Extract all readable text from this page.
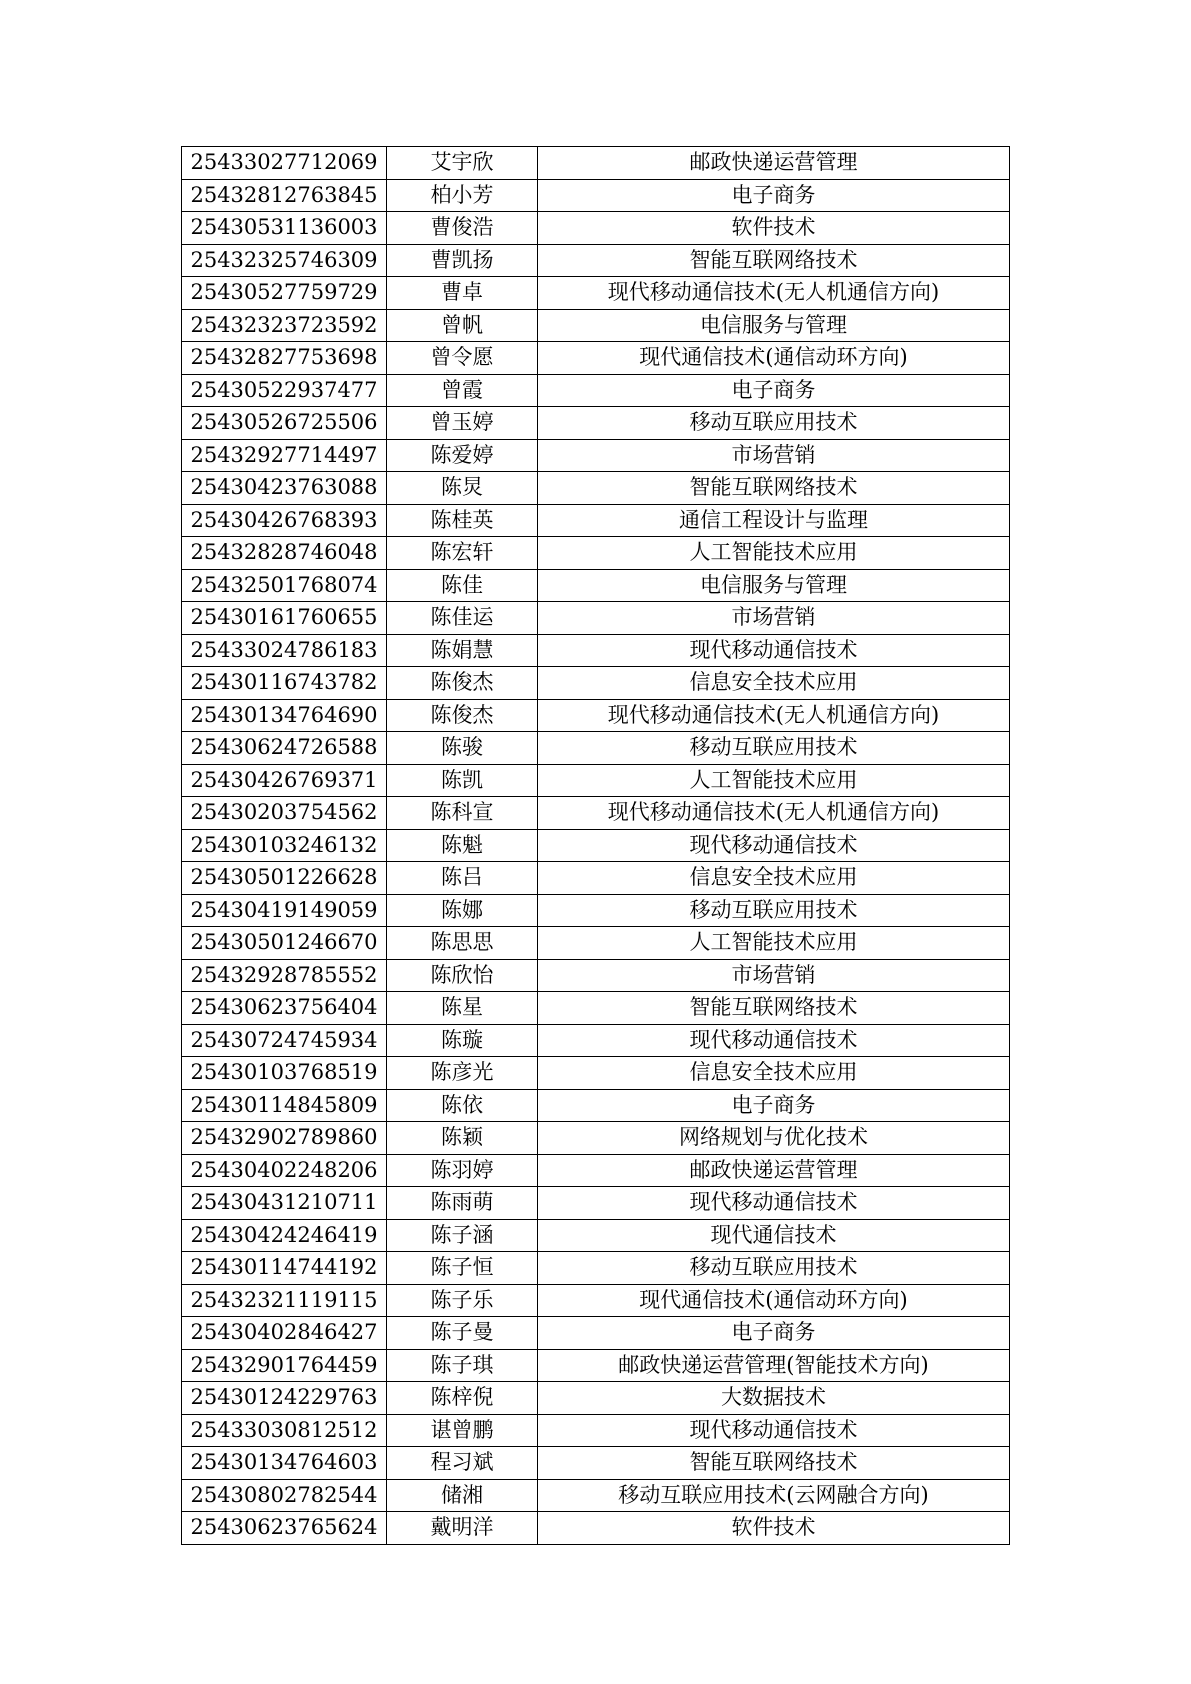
25433027712069	艾宇欣	邮政快递运营管理
25432812763845	柏小芳	电子商务
25430531136003	曹俊浩	软件技术
25432325746309	曹凯扬	智能互联网络技术
25430527759729	曹卓	现代移动通信技术(无人机通信方向)
25432323723592	曾帆	电信服务与管理
25432827753698	曾令愿	现代通信技术(通信动环方向)
25430522937477	曾霞	电子商务
25430526725506	曾玉婷	移动互联应用技术
25432927714497	陈爱婷	市场营销
25430423763088	陈炅	智能互联网络技术
25430426768393	陈桂英	通信工程设计与监理
25432828746048	陈宏轩	人工智能技术应用
25432501768074	陈佳	电信服务与管理
25430161760655	陈佳运	市场营销
25433024786183	陈娟慧	现代移动通信技术
25430116743782	陈俊杰	信息安全技术应用
25430134764690	陈俊杰	现代移动通信技术(无人机通信方向)
25430624726588	陈骏	移动互联应用技术
25430426769371	陈凯	人工智能技术应用
25430203754562	陈科宣	现代移动通信技术(无人机通信方向)
25430103246132	陈魁	现代移动通信技术
25430501226628	陈吕	信息安全技术应用
25430419149059	陈娜	移动互联应用技术
25430501246670	陈思思	人工智能技术应用
25432928785552	陈欣怡	市场营销
25430623756404	陈星	智能互联网络技术
25430724745934	陈璇	现代移动通信技术
25430103768519	陈彦光	信息安全技术应用
25430114845809	陈依	电子商务
25432902789860	陈颖	网络规划与优化技术
25430402248206	陈羽婷	邮政快递运营管理
25430431210711	陈雨萌	现代移动通信技术
25430424246419	陈子涵	现代通信技术
25430114744192	陈子恒	移动互联应用技术
25432321119115	陈子乐	现代通信技术(通信动环方向)
25430402846427	陈子曼	电子商务
25432901764459	陈子琪	邮政快递运营管理(智能技术方向)
25430124229763	陈梓倪	大数据技术
25433030812512	谌曾鹏	现代移动通信技术
25430134764603	程习斌	智能互联网络技术
25430802782544	储湘	移动互联应用技术(云网融合方向)
25430623765624	戴明洋	软件技术
